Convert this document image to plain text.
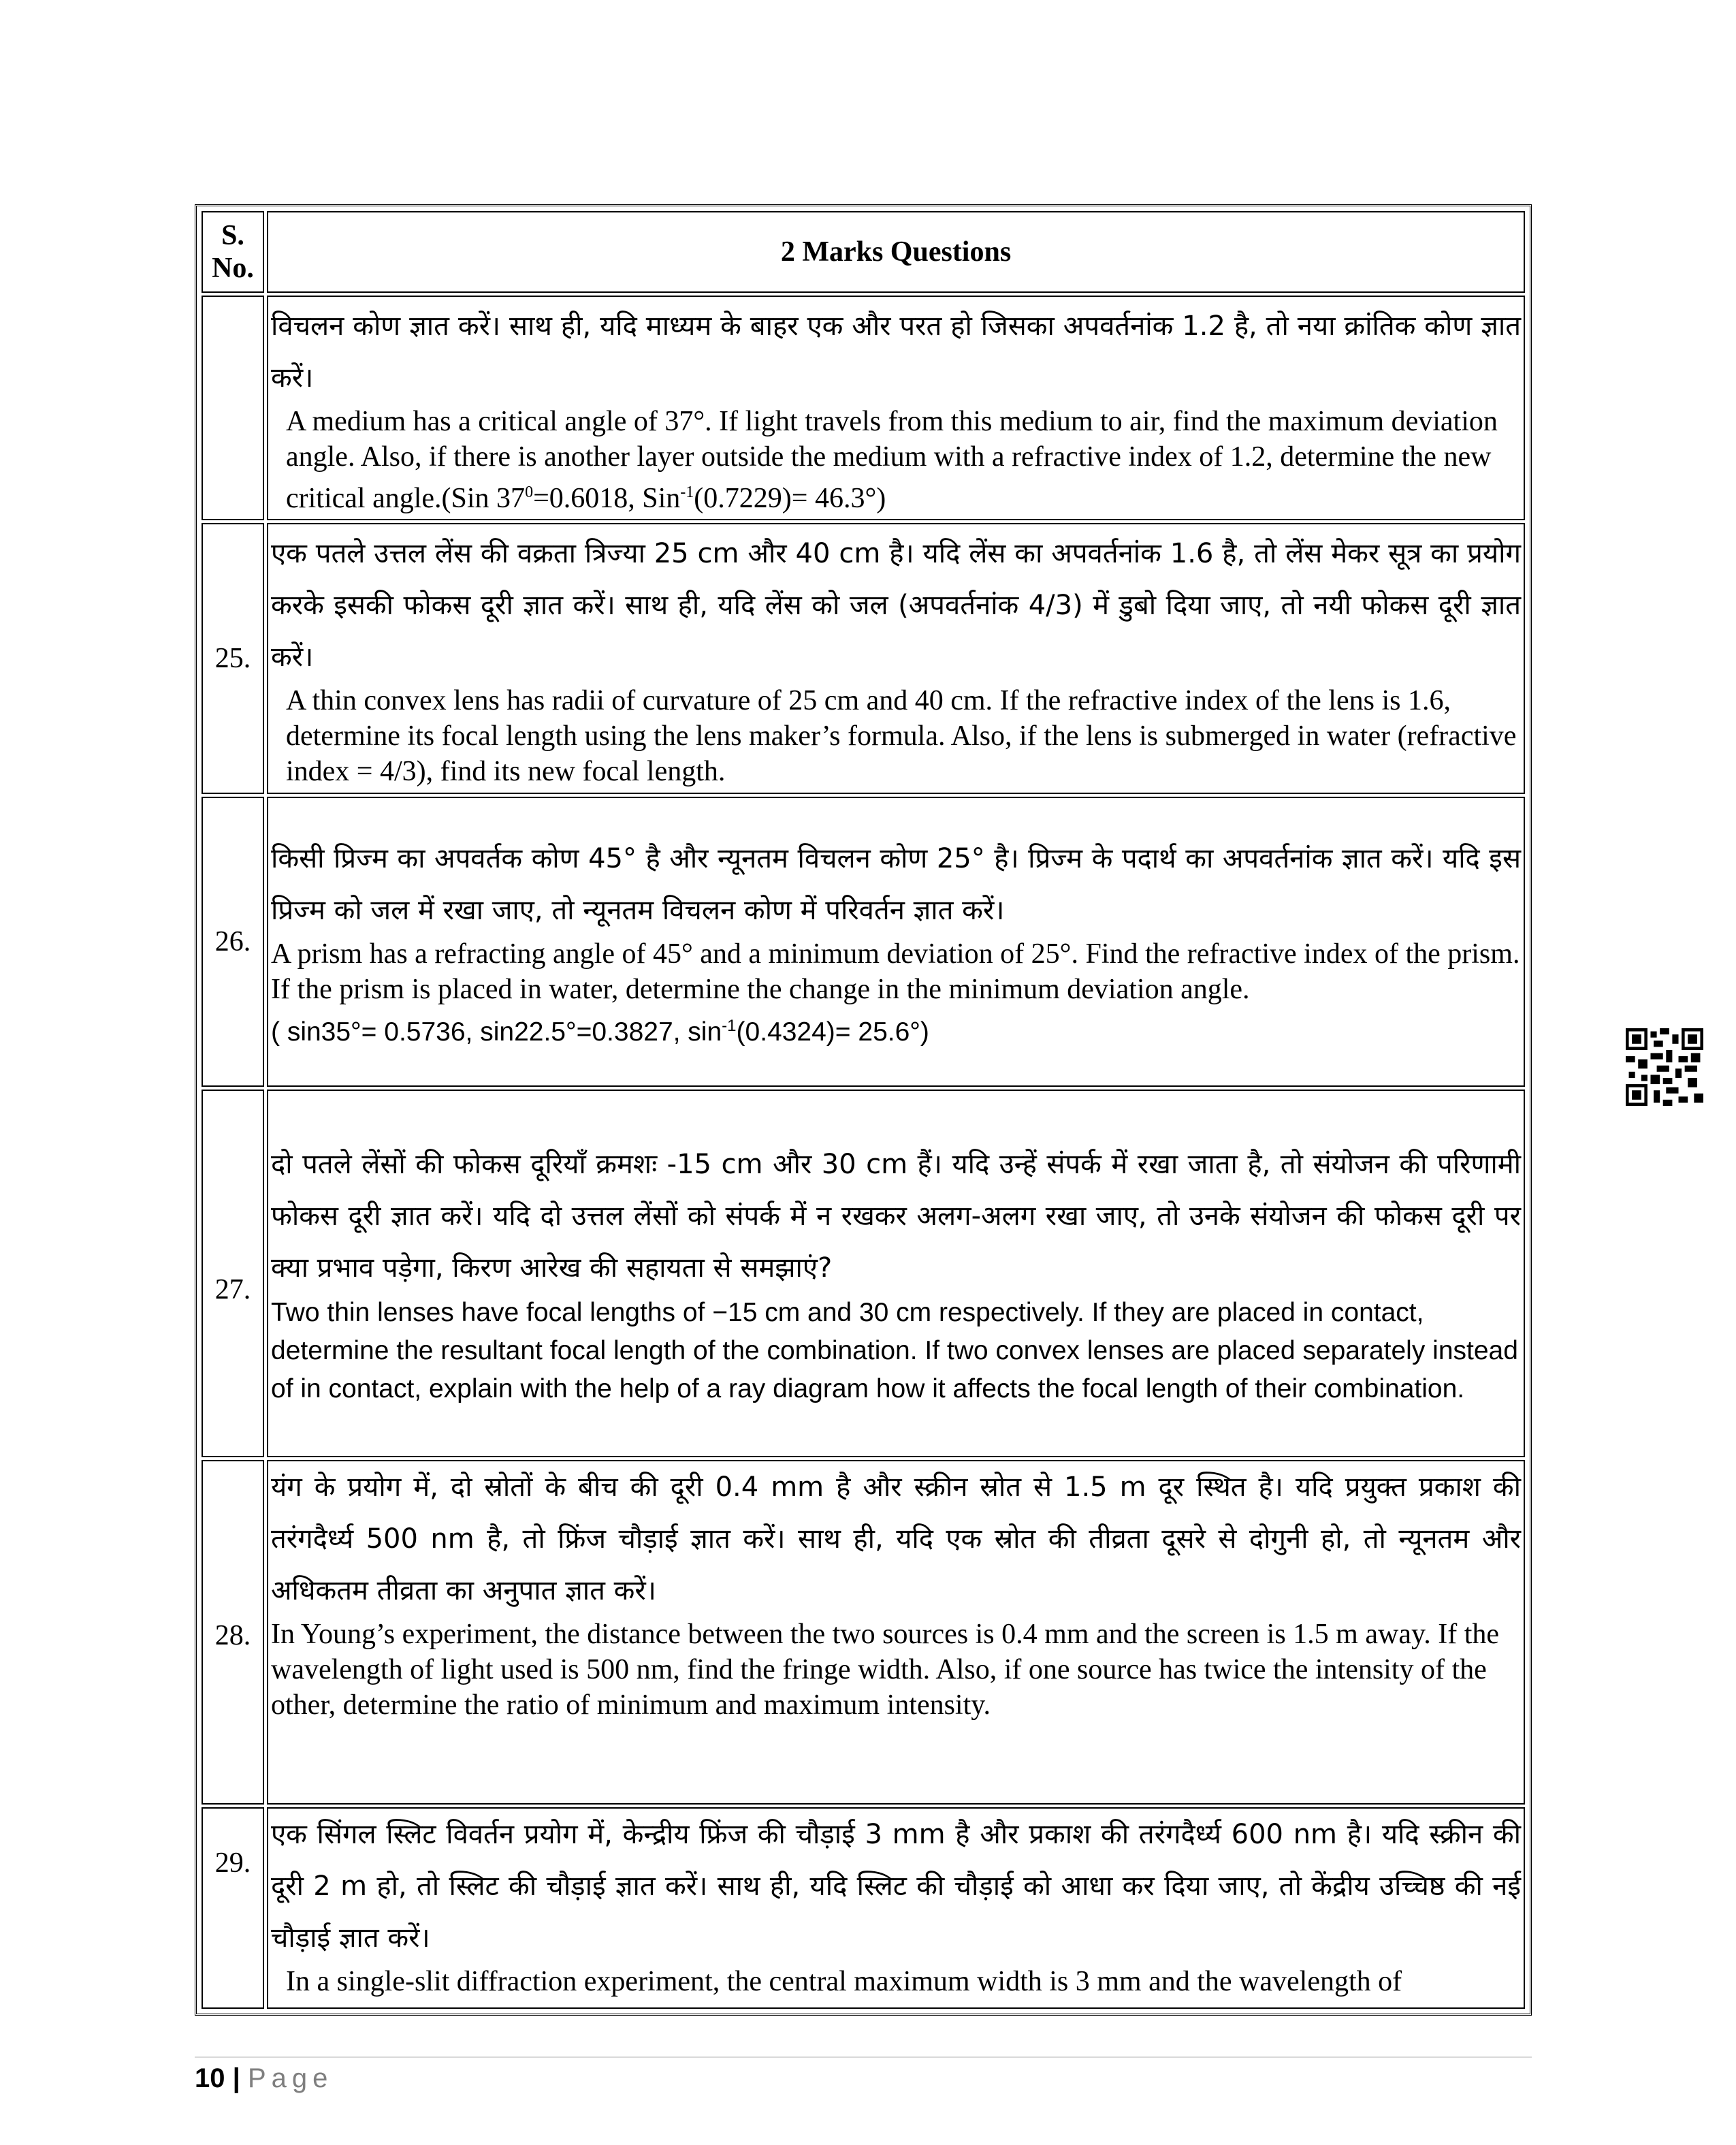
S. No.	2 Marks Questions

	विचलन कोण ज्ञात करें। साथ ही, यदि माध्यम के बाहर एक और परत हो जिसका अपवर्तनांक 1.2 है, तो नया क्रांतिक कोण ज्ञात करें।
A medium has a critical angle of 37°. If light travels from this medium to air, find the maximum deviation angle. Also, if there is another layer outside the medium with a refractive index of 1.2, determine the new critical angle.(Sin $37^0=0.6018$, Sin$^{-1}$(0.7229)= 46.3°)

25.	एक पतले उत्तल लेंस की वक्रता त्रिज्या 25 cm और 40 cm है। यदि लेंस का अपवर्तनांक 1.6 है, तो लेंस मेकर सूत्र का प्रयोग करके इसकी फोकस दूरी ज्ञात करें। साथ ही, यदि लेंस को जल (अपवर्तनांक 4/3) में डुबो दिया जाए, तो नयी फोकस दूरी ज्ञात करें।
A thin convex lens has radii of curvature of 25 cm and 40 cm. If the refractive index of the lens is 1.6, determine its focal length using the lens maker’s formula. Also, if the lens is submerged in water (refractive index = 4/3), find its new focal length.

26.	किसी प्रिज्म का अपवर्तक कोण 45° है और न्यूनतम विचलन कोण 25° है। प्रिज्म के पदार्थ का अपवर्तनांक ज्ञात करें। यदि इस प्रिज्म को जल में रखा जाए, तो न्यूनतम विचलन कोण में परिवर्तन ज्ञात करें।
A prism has a refracting angle of 45° and a minimum deviation of 25°. Find the refractive index of the prism. If the prism is placed in water, determine the change in the minimum deviation angle.
( sin35°= 0.5736, sin22.5°=0.3827, $\sin^{-1}(0.4324)= 25.6^\circ$)

27.	दो पतले लेंसों की फोकस दूरियाँ क्रमशः -15 cm और 30 cm हैं। यदि उन्हें संपर्क में रखा जाता है, तो संयोजन की परिणामी फोकस दूरी ज्ञात करें। यदि दो उत्तल लेंसों को संपर्क में न रखकर अलग-अलग रखा जाए, तो उनके संयोजन की फोकस दूरी पर क्या प्रभाव पड़ेगा, किरण आरेख की सहायता से समझाएं?
Two thin lenses have focal lengths of −15 cm and 30 cm respectively. If they are placed in contact, determine the resultant focal length of the combination. If two convex lenses are placed separately instead of in contact, explain with the help of a ray diagram how it affects the focal length of their combination.

28.	यंग के प्रयोग में, दो स्रोतों के बीच की दूरी 0.4 mm है और स्क्रीन स्रोत से 1.5 m दूर स्थित है। यदि प्रयुक्त प्रकाश की तरंगदैर्ध्य 500 nm है, तो फ्रिंज चौड़ाई ज्ञात करें। साथ ही, यदि एक स्रोत की तीव्रता दूसरे से दोगुनी हो, तो न्यूनतम और अधिकतम तीव्रता का अनुपात ज्ञात करें।
In Young’s experiment, the distance between the two sources is 0.4 mm and the screen is 1.5 m away. If the wavelength of light used is 500 nm, find the fringe width. Also, if one source has twice the intensity of the other, determine the ratio of minimum and maximum intensity.

29.	एक सिंगल स्लिट विवर्तन प्रयोग में, केन्द्रीय फ्रिंज की चौड़ाई 3 mm है और प्रकाश की तरंगदैर्ध्य 600 nm है। यदि स्क्रीन की दूरी 2 m हो, तो स्लिट की चौड़ाई ज्ञात करें। साथ ही, यदि स्लिट की चौड़ाई को आधा कर दिया जाए, तो केंद्रीय उच्चिष्ठ की नई चौड़ाई ज्ञात करें।
In a single-slit diffraction experiment, the central maximum width is 3 mm and the wavelength of
10 | Page
